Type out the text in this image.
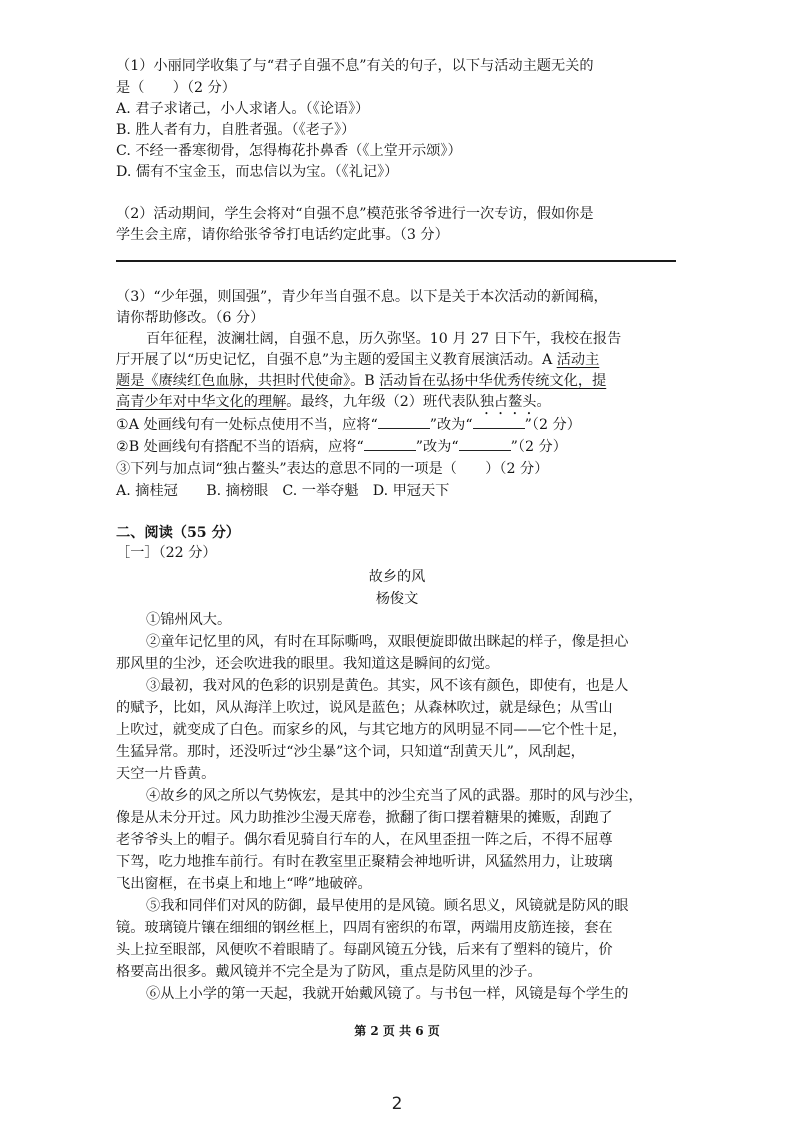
（1）小丽同学收集了与“君子自强不息”有关的句子，以下与活动主题无关的
是（　　）（2 分）
A. 君子求诸己，小人求诸人。（《论语》）
B. 胜人者有力，自胜者强。（《老子》）
C. 不经一番寒彻骨，怎得梅花扑鼻香（《上堂开示颂》）
D. 儒有不宝金玉，而忠信以为宝。（《礼记》）
（2）活动期间，学生会将对“自强不息”模范张爷爷进行一次专访，假如你是
学生会主席，请你给张爷爷打电话约定此事。（3 分）
（3）“少年强，则国强”，青少年当自强不息。以下是关于本次活动的新闻稿，
请你帮助修改。（6 分）
百年征程，波澜壮阔，自强不息，历久弥坚。10 月 27 日下午，我校在报告
厅开展了以“历史记忆，自强不息”为主题的爱国主义教育展演活动。A 活动主
题是《赓续红色血脉，共担时代使命》。B 活动旨在弘扬中华优秀传统文化，提
高青少年对中华文化的理解。最终，九年级（2）班代表队独占鳌头。
①A 处画线句有一处标点使用不当，应将“	”改为“	”（2 分）
②B 处画线句有搭配不当的语病，应将“	”改为“	”（2 分）
③下列与加点词“独占鳌头”表达的意思不同的一项是（　　）（2 分）
A. 摘桂冠　　B. 摘榜眼　C. 一举夺魁　D. 甲冠天下
二、阅读（55 分）
［一］（22 分）
故乡的风
杨俊文
①锦州风大。
②童年记忆里的风，有时在耳际嘶鸣，双眼便旋即做出眯起的样子，像是担心
那风里的尘沙，还会吹进我的眼里。我知道这是瞬间的幻觉。
③最初，我对风的色彩的识别是黄色。其实，风不该有颜色，即使有，也是人
的赋予，比如，风从海洋上吹过，说风是蓝色；从森林吹过，就是绿色；从雪山
上吹过，就变成了白色。而家乡的风，与其它地方的风明显不同——它个性十足，
生猛异常。那时，还没听过“沙尘暴”这个词，只知道“刮黄天儿”，风刮起，
天空一片昏黄。
④故乡的风之所以气势恢宏，是其中的沙尘充当了风的武器。那时的风与沙尘，
像是从未分开过。风力助推沙尘漫天席卷，掀翻了街口摆着糖果的摊贩，刮跑了
老爷爷头上的帽子。偶尔看见骑自行车的人，在风里歪扭一阵之后，不得不屈尊
下驾，吃力地推车前行。有时在教室里正聚精会神地听讲，风猛然用力，让玻璃
飞出窗框，在书桌上和地上“哗”地破碎。
⑤我和同伴们对风的防御，最早使用的是风镜。顾名思义，风镜就是防风的眼
镜。玻璃镜片镶在细细的钢丝框上，四周有密织的布罩，两端用皮筋连接，套在
头上拉至眼部，风便吹不着眼睛了。每副风镜五分钱，后来有了塑料的镜片，价
格要高出很多。戴风镜并不完全是为了防风，重点是防风里的沙子。
⑥从上小学的第一天起，我就开始戴风镜了。与书包一样，风镜是每个学生的
第 2 页 共 6 页
2
